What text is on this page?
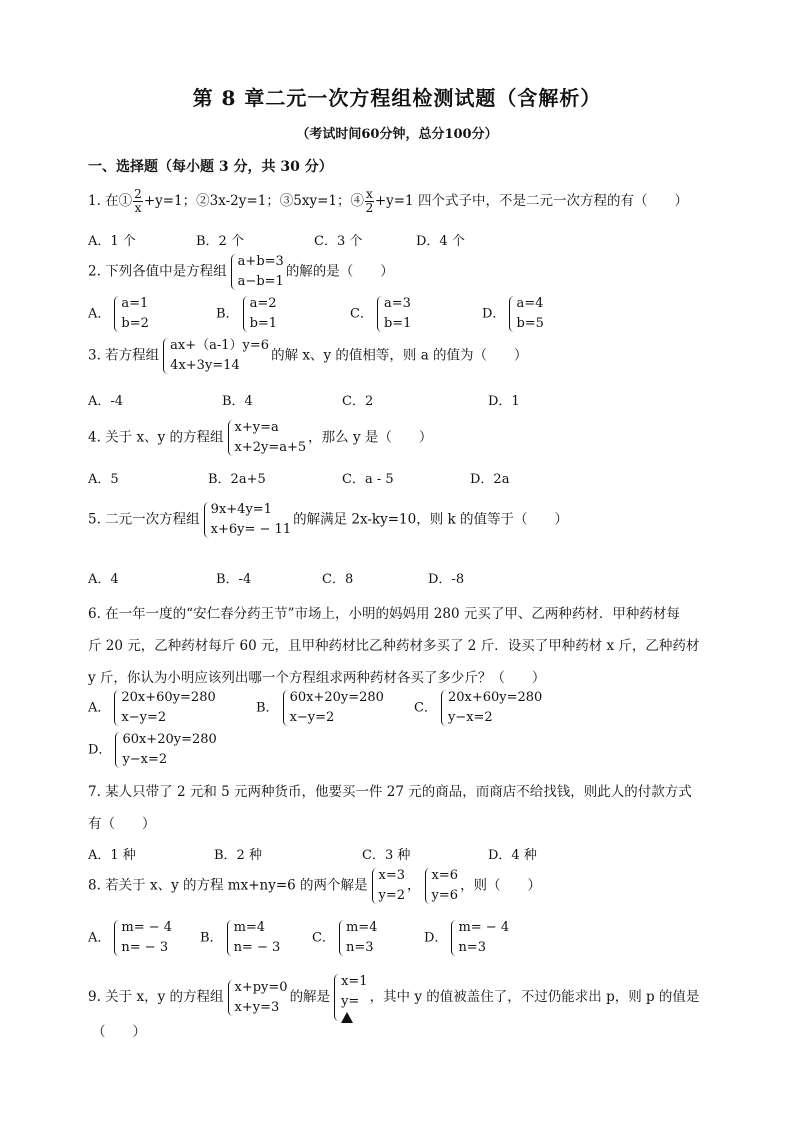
第 8 章二元一次方程组检测试题（含解析）
（考试时间60分钟，总分100分）
一、选择题（每小题 3 分，共 30 分）
1. 在① $\frac{2}{x} +y=1$；②3x-2y=1；③5xy=1；④ $\frac{x}{2} +y=1$ 四个式子中，不是二元一次方程的有（　　）
A．1 个	B．2 个	C．3 个	D．4 个
2. 下列各值中是方程组
a+b=3
a−b=1
的解的是（　　）
A．
a=1
b=2
B．
a=2
b=1
C．
a=3
b=1
D．
a=4
b=5
3. 若方程组
ax+（a-1）y=6
4x+3y=14
的解 x、y 的值相等，则 a 的值为（　　）
A．-4	B．4	C．2	D．1
4. 关于 x、y 的方程组
x+y=a
x+2y=a+5
，那么 y 是（　　）
A．5	B．2a+5	C．a - 5	D．2a
5. 二元一次方程组
9x+4y=1
x+6y= − 11
的解满足 2x-ky=10，则 k 的值等于（　　）
A．4	B．-4	C．8	D．-8
6. 在一年一度的“安仁春分药王节”市场上，小明的妈妈用 280 元买了甲、乙两种药材．甲种药材每
斤 20 元，乙种药材每斤 60 元，且甲种药材比乙种药材多买了 2 斤．设买了甲种药材 x 斤，乙种药材
y 斤，你认为小明应该列出哪一个方程组求两种药材各买了多少斤？（　　）
A．
20x+60y=280
x−y=2
B．
60x+20y=280
x−y=2
C．
20x+60y=280
y−x=2
D．
60x+20y=280
y−x=2
7. 某人只带了 2 元和 5 元两种货币，他要买一件 27 元的商品，而商店不给找钱，则此人的付款方式
有（　　）
A．1 种	B．2 种	C．3 种	D．4 种
8. 若关于 x、y 的方程 mx+ny=6 的两个解是
x=3
y=2
，
x=6
y=6
，则（　　）
A．
m= − 4
n= − 3
B．
m=4
n= − 3
C．
m=4
n=3
D．
m= − 4
n=3
9. 关于 x，y 的方程组
x+py=0
x+y=3
的解是
x=1
y= ，其中 y 的值被盖住了，不过仍能求出 p，则 p 的值是
（　　）
